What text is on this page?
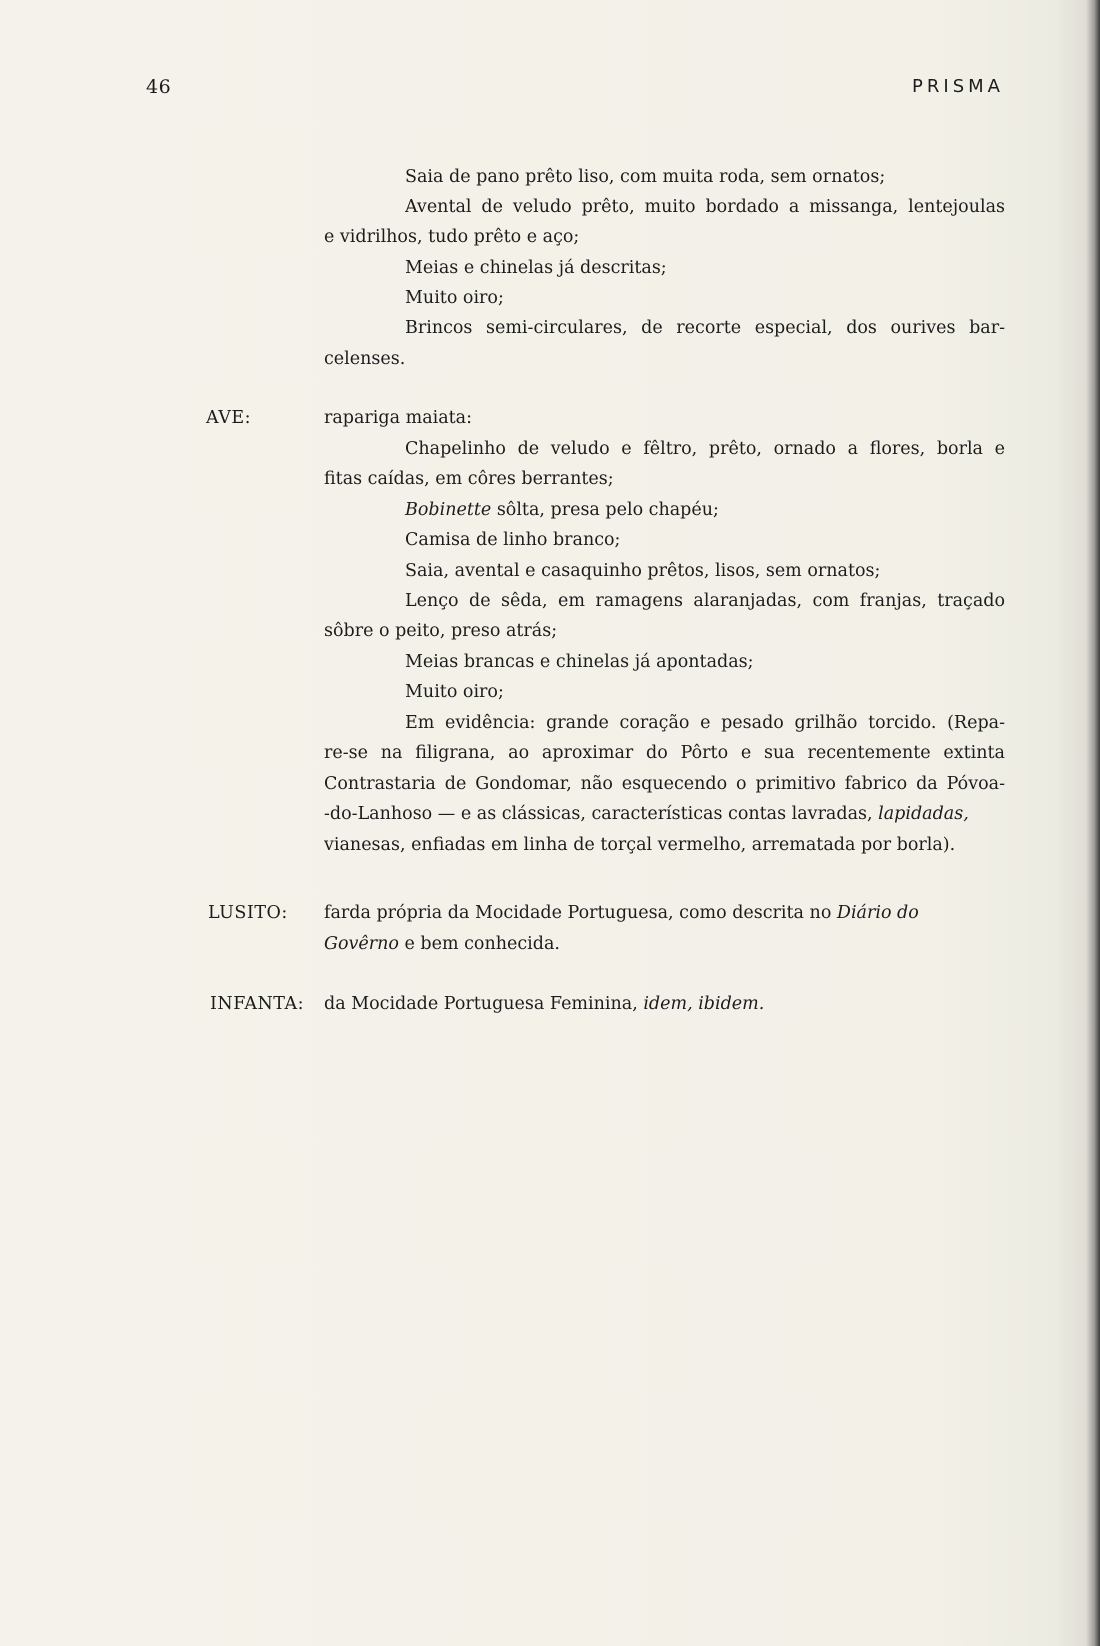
46	PRISMA
Saia de pano prêto liso, com muita roda, sem ornatos;
Avental de veludo prêto, muito bordado a missanga, lentejoulas
e vidrilhos, tudo prêto e aço;
Meias e chinelas já descritas;
Muito oiro;
Brincos semi-circulares, de recorte especial, dos ourives bar-
celenses.
AVE:	rapariga maiata:
Chapelinho de veludo e fêltro, prêto, ornado a flores, borla e
fitas caídas, em côres berrantes;
Bobinette sôlta, presa pelo chapéu;
Camisa de linho branco;
Saia, avental e casaquinho prêtos, lisos, sem ornatos;
Lenço de sêda, em ramagens alaranjadas, com franjas, traçado
sôbre o peito, preso atrás;
Meias brancas e chinelas já apontadas;
Muito oiro;
Em evidência: grande coração e pesado grilhão torcido. (Repa-
re-se na filigrana, ao aproximar do Pôrto e sua recentemente extinta
Contrastaria de Gondomar, não esquecendo o primitivo fabrico da Póvoa-
-do-Lanhoso — e as clássicas, características contas lavradas, lapidadas,
vianesas, enfiadas em linha de torçal vermelho, arrematada por borla).
LUSITO: farda própria da Mocidade Portuguesa, como descrita no Diário do
Govêrno e bem conhecida.
INFANTA: da Mocidade Portuguesa Feminina, idem, ibidem.
